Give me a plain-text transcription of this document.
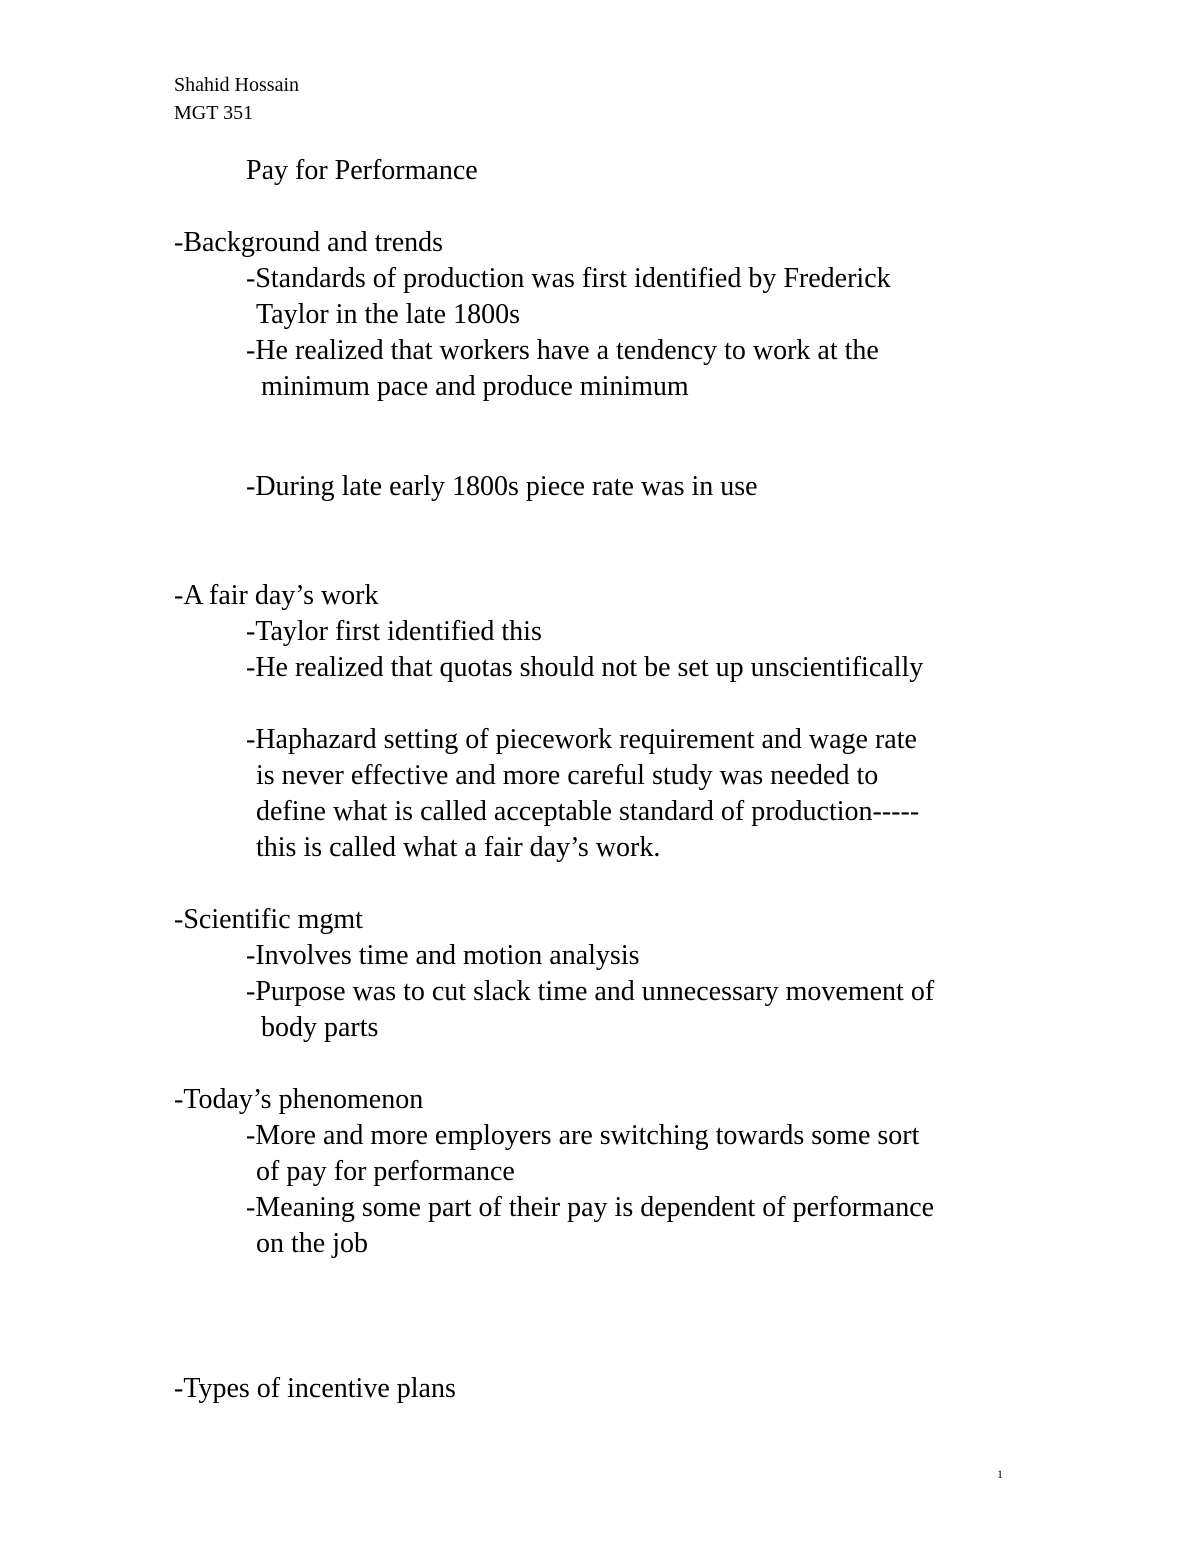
Shahid Hossain
MGT 351
Pay for Performance
-Background and trends
-Standards of production was first identified by Frederick
Taylor in the late 1800s
-He realized that workers have a tendency to work at the
minimum pace and produce minimum
-During late early 1800s piece rate was in use
-A fair day’s work
-Taylor first identified this
-He realized that quotas should not be set up unscientifically
-Haphazard setting of piecework requirement and wage rate
is never effective and more careful study was needed to
define what is called acceptable standard of production-----
this is called what a fair day’s work.
-Scientific mgmt
-Involves time and motion analysis
-Purpose was to cut slack time and unnecessary movement of
body parts
-Today’s phenomenon
-More and more employers are switching towards some sort
of pay for performance
-Meaning some part of their pay is dependent of performance
on the job
-Types of incentive plans
1
